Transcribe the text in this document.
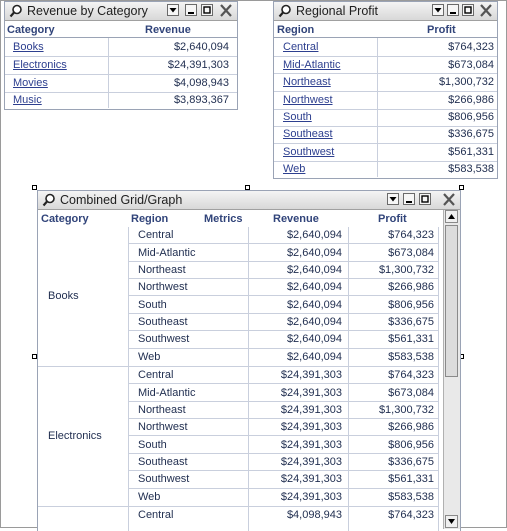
Revenue by Category
Category	Revenue
Books	$2,640,094
Electronics	$24,391,303
Movies	$4,098,943
Music	$3,893,367
Regional Profit
Region	Profit
Central	$764,323
Mid-Atlantic	$673,084
Northeast	$1,300,732
Northwest	$266,986
South	$806,956
Southeast	$336,675
Southwest	$561,331
Web	$583,538
Combined Grid/Graph
Category	Region	Metrics	Revenue	Profit
Books
Central	$2,640,094	$764,323
Mid-Atlantic	$2,640,094	$673,084
Northeast	$2,640,094	$1,300,732
Northwest	$2,640,094	$266,986
South	$2,640,094	$806,956
Southeast	$2,640,094	$336,675
Southwest	$2,640,094	$561,331
Web	$2,640,094	$583,538
Electronics
Central	$24,391,303	$764,323
Mid-Atlantic	$24,391,303	$673,084
Northeast	$24,391,303	$1,300,732
Northwest	$24,391,303	$266,986
South	$24,391,303	$806,956
Southeast	$24,391,303	$336,675
Southwest	$24,391,303	$561,331
Web	$24,391,303	$583,538
Central	$4,098,943	$764,323
